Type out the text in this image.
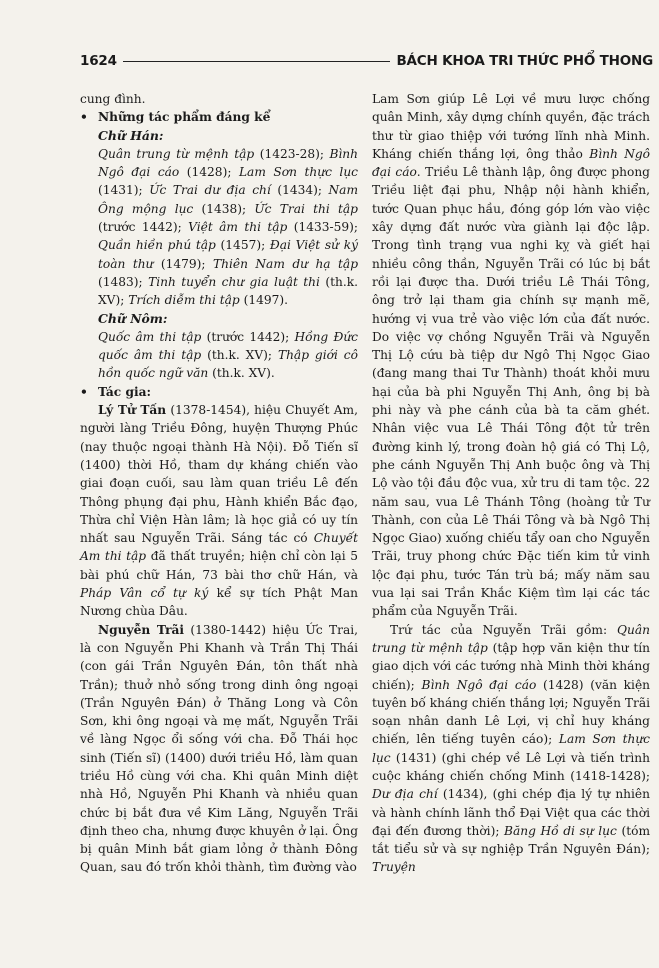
1624	BÁCH KHOA TRI THỨC PHỔ THONG

cung đình.

• Những tác phẩm đáng kể

Chữ Hán:

Quân trung từ mệnh tập (1423-28); Bình Ngô đại cáo (1428); Lam Sơn thực lục (1431); Ức Trai dư địa chí (1434); Nam Ông mộng lục (1438); Ức Trai thi tập (trước 1442); Việt âm thi tập (1433-59); Quần hiền phú tập (1457); Đại Việt sử ký toàn thư (1479); Thiên Nam dư hạ tập (1483); Tinh tuyển chư gia luật thi (th.k. XV); Trích diễm thi tập (1497).

Chữ Nôm:

Quốc âm thi tập (trước 1442); Hồng Đức quốc âm thi tập (th.k. XV); Thập giới cô hồn quốc ngữ văn (th.k. XV).

• Tác gia:

Lý Tử Tấn (1378-1454), hiệu Chuyết Am, người làng Triều Đông, huyện Thượng Phúc (nay thuộc ngoại thành Hà Nội). Đỗ Tiến sĩ (1400) thời Hồ, tham dự kháng chiến vào giai đoạn cuối, sau làm quan triều Lê đến Thông phụng đại phu, Hành khiển Bắc đạo, Thừa chỉ Viện Hàn lâm; là học giả có uy tín nhất sau Nguyễn Trãi. Sáng tác có Chuyết Am thi tập đã thất truyền; hiện chỉ còn lại 5 bài phú chữ Hán, 73 bài thơ chữ Hán, và Pháp Vân cổ tự ký kể sự tích Phật Man Nương chùa Dâu.

Nguyễn Trãi (1380-1442) hiệu Ức Trai, là con Nguyễn Phi Khanh và Trần Thị Thái (con gái Trần Nguyên Đán, tôn thất nhà Trần); thuở nhỏ sống trong dinh ông ngoại (Trần Nguyên Đán) ở Thăng Long và Côn Sơn, khi ông ngoại và mẹ mất, Nguyễn Trãi về làng Ngọc ổi sống với cha. Đỗ Thái học sinh (Tiến sĩ) (1400) dưới triều Hồ, làm quan triều Hồ cùng với cha. Khi quân Minh diệt nhà Hồ, Nguyễn Phi Khanh và nhiều quan chức bị bắt đưa về Kim Lăng, Nguyễn Trãi định theo cha, nhưng được khuyên ở lại. Ông bị quân Minh bắt giam lỏng ở thành Đông Quan, sau đó trốn khỏi thành, tìm đường vào

Lam Sơn giúp Lê Lợi về mưu lược chống quân Minh, xây dựng chính quyền, đặc trách thư từ giao thiệp với tướng lĩnh nhà Minh. Kháng chiến thắng lợi, ông thảo Bình Ngô đại cáo. Triều Lê thành lập, ông được phong Triều liệt đại phu, Nhập nội hành khiển, tước Quan phục hầu, đóng góp lớn vào việc xây dựng đất nước vừa giành lại độc lập. Trong tình trạng vua nghi kỵ và giết hại nhiều công thần, Nguyễn Trãi có lúc bị bắt rồi lại được tha. Dưới triều Lê Thái Tông, ông trở lại tham gia chính sự mạnh mẽ, hướng vị vua trẻ vào việc lớn của đất nước. Do việc vợ chồng Nguyễn Trãi và Nguyễn Thị Lộ cứu bà tiệp dư Ngô Thị Ngọc Giao (đang mang thai Tư Thành) thoát khỏi mưu hại của bà phi Nguyễn Thị Anh, ông bị bà phi này và phe cánh của bà ta căm ghét. Nhân việc vua Lê Thái Tông đột tử trên đường kinh lý, trong đoàn hộ giá có Thị Lộ, phe cánh Nguyễn Thị Anh buộc ông và Thị Lộ vào tội đầu độc vua, xử tru di tam tộc. 22 năm sau, vua Lê Thánh Tông (hoàng tử Tư Thành, con của Lê Thái Tông và bà Ngô Thị Ngọc Giao) xuống chiếu tẩy oan cho Nguyễn Trãi, truy phong chức Đặc tiến kim tử vinh lộc đại phu, tước Tán trù bá; mấy năm sau vua lại sai Trần Khắc Kiệm tìm lại các tác phẩm của Nguyễn Trãi.

Trứ tác của Nguyễn Trãi gồm: Quân trung từ mệnh tập (tập hợp văn kiện thư tín giao dịch với các tướng nhà Minh thời kháng chiến); Bình Ngô đại cáo (1428) (văn kiện tuyên bố kháng chiến thắng lợi; Nguyễn Trãi soạn nhân danh Lê Lợi, vị chỉ huy kháng chiến, lên tiếng tuyên cáo); Lam Sơn thực lục (1431) (ghi chép về Lê Lợi và tiến trình cuộc kháng chiến chống Minh (1418-1428); Dư địa chí (1434), (ghi chép địa lý tự nhiên và hành chính lãnh thổ Đại Việt qua các thời đại đến đương thời); Băng Hồ di sự lục (tóm tắt tiểu sử và sự nghiệp Trần Nguyên Đán); Truyện
